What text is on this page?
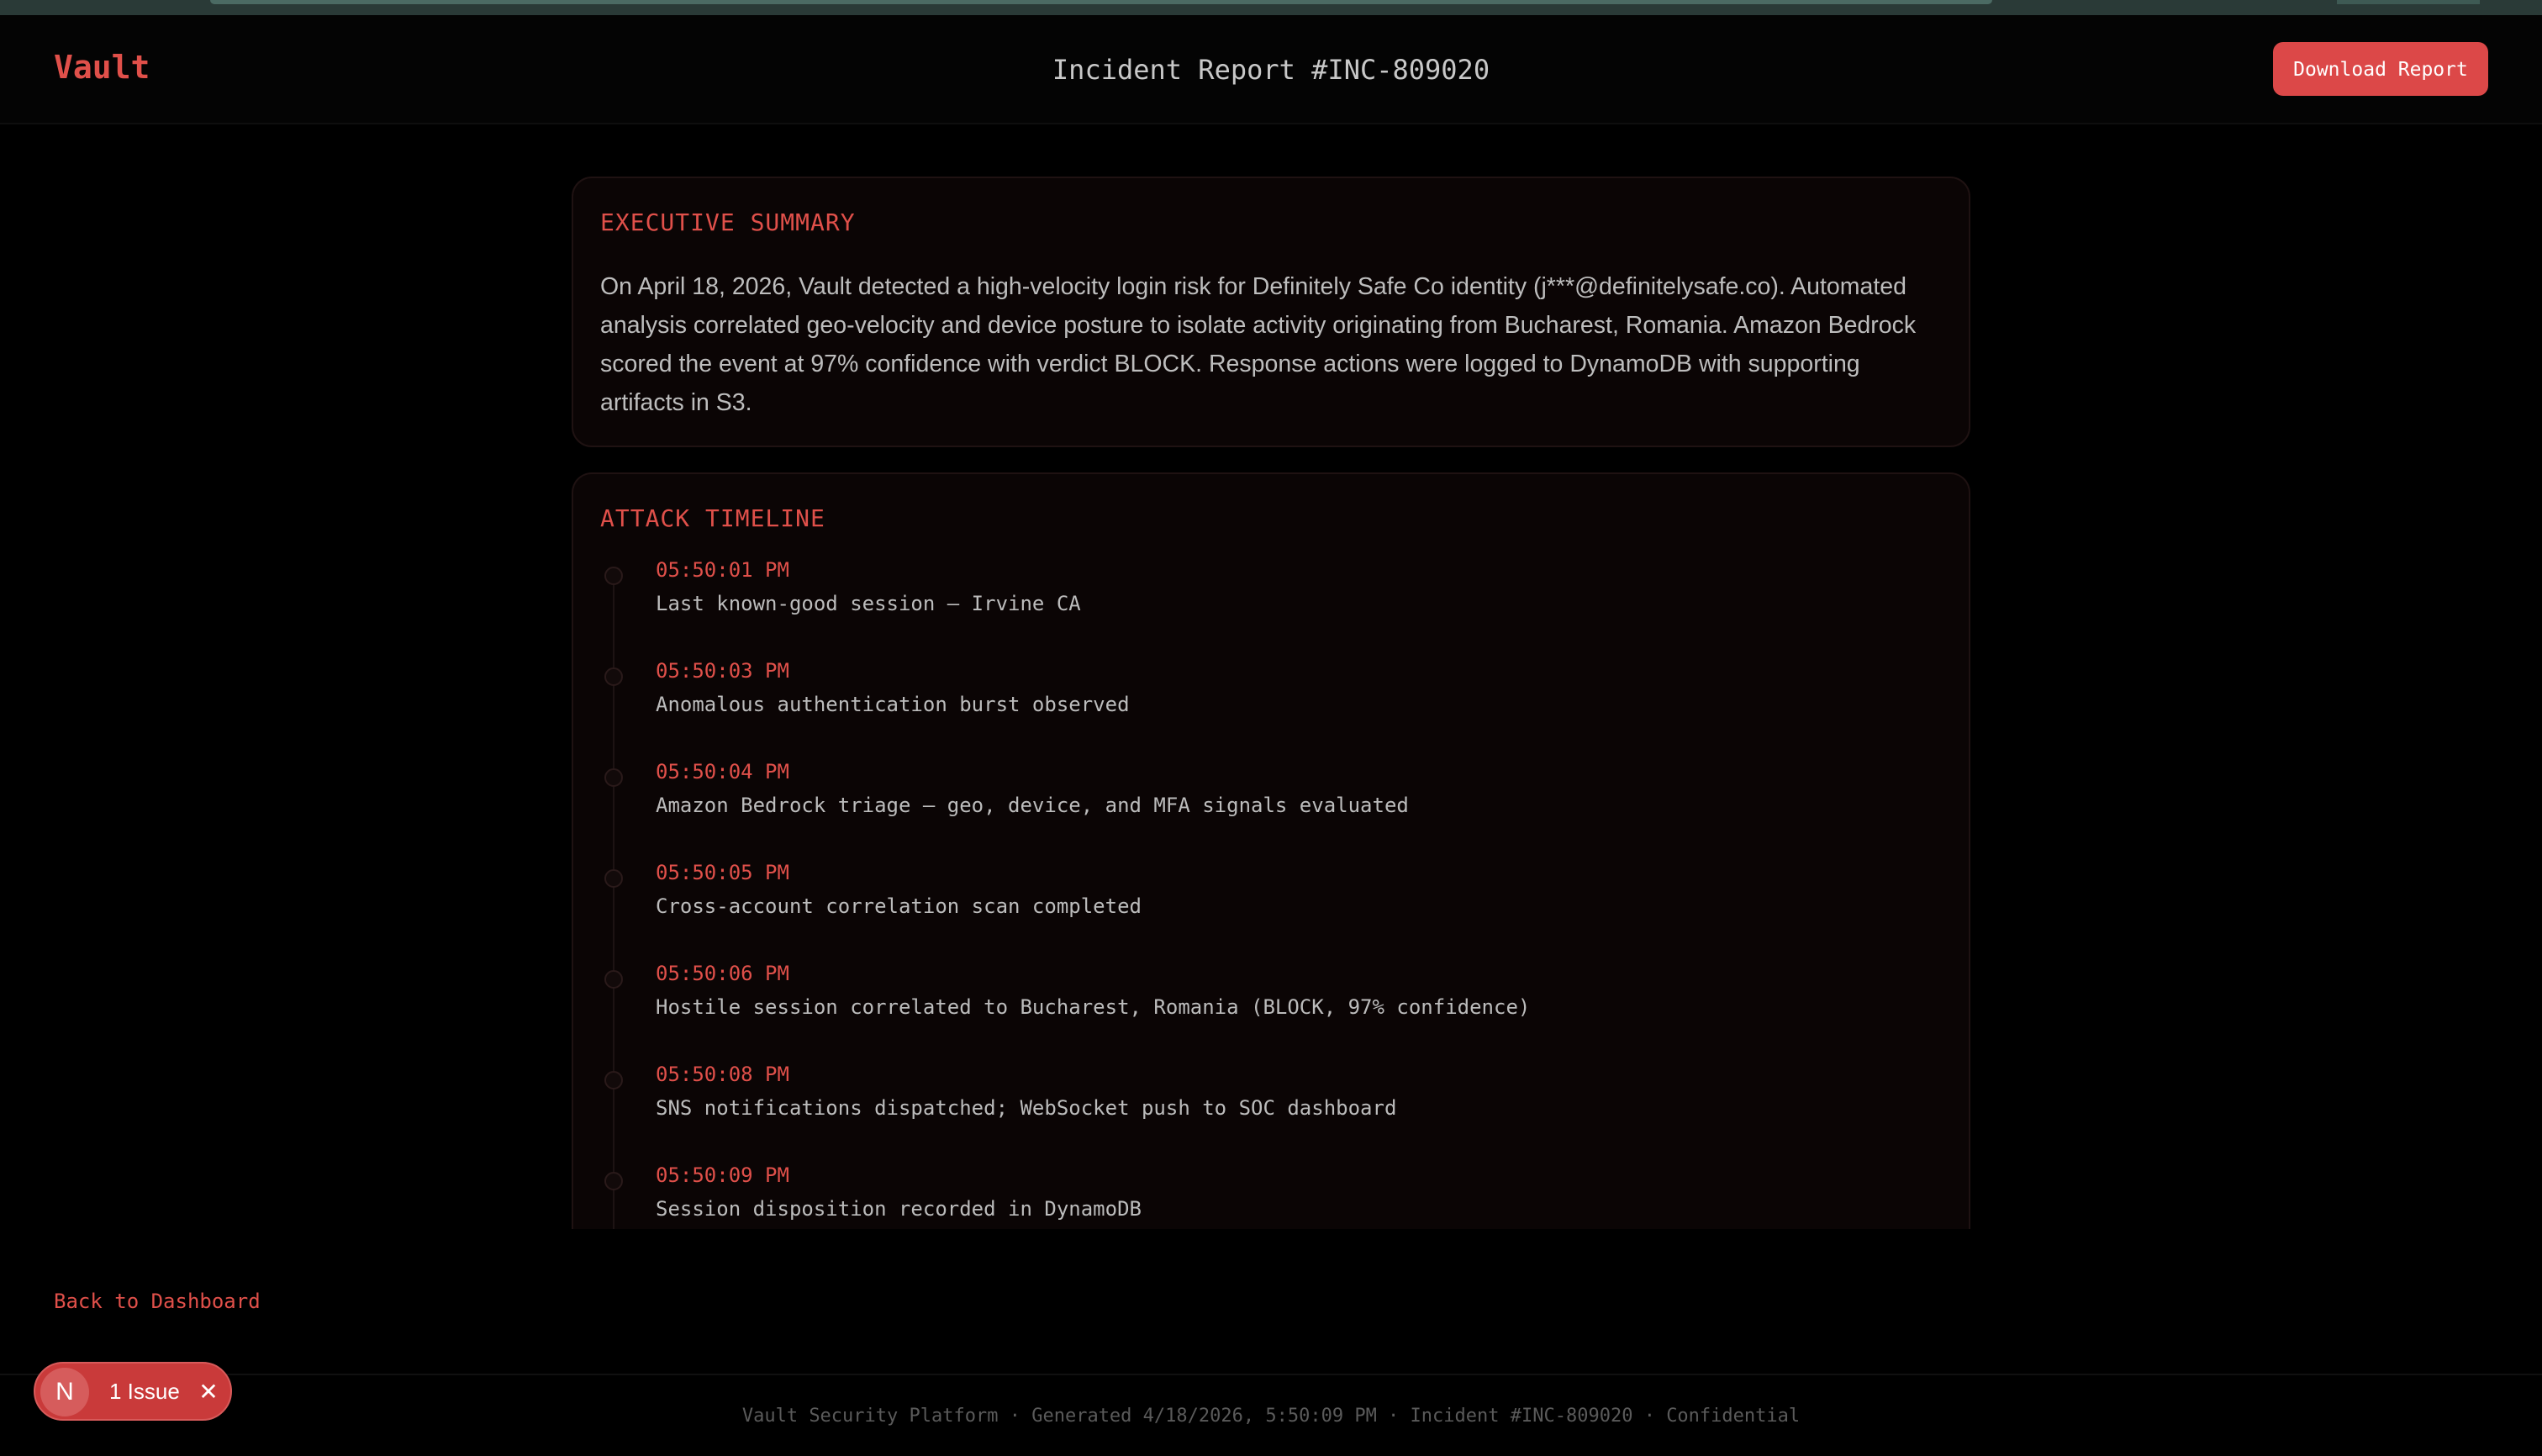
Vault	Incident Report #INC-809020	Download Report
EXECUTIVE SUMMARY

On April 18, 2026, Vault detected a high-velocity login risk for Definitely Safe Co identity (j***@definitelysafe.co). Automated analysis correlated geo-velocity and device posture to isolate activity originating from Bucharest, Romania. Amazon Bedrock scored the event at 97% confidence with verdict BLOCK. Response actions were logged to DynamoDB with supporting artifacts in S3.

ATTACK TIMELINE
05:50:01 PM
Last known-good session — Irvine CA
05:50:03 PM
Anomalous authentication burst observed
05:50:04 PM
Amazon Bedrock triage — geo, device, and MFA signals evaluated
05:50:05 PM
Cross-account correlation scan completed
05:50:06 PM
Hostile session correlated to Bucharest, Romania (BLOCK, 97% confidence)
05:50:08 PM
SNS notifications dispatched; WebSocket push to SOC dashboard
05:50:09 PM
Session disposition recorded in DynamoDB
Back to Dashboard
Vault Security Platform · Generated 4/18/2026, 5:50:09 PM · Incident #INC-809020 · Confidential
N	1 Issue ✕
